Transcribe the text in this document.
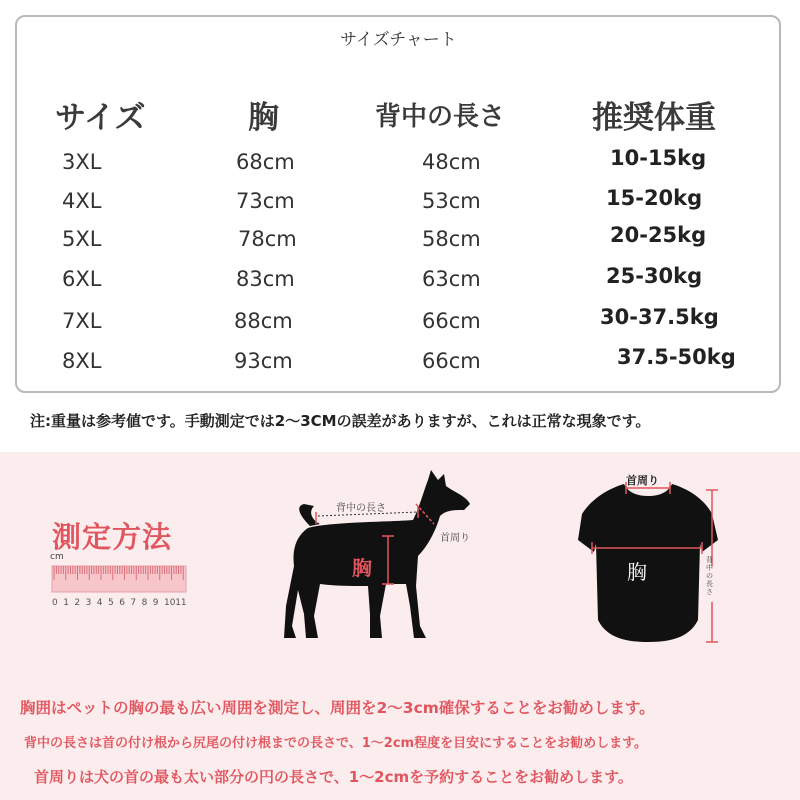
サイズチャート
サイズ	胸	背中の長さ	推奨体重
3XL	68cm	48cm	10-15kg
4XL	73cm	53cm	15-20kg
5XL	78cm	58cm	20-25kg
6XL	83cm	63cm	25-30kg
7XL	88cm	66cm	30-37.5kg
8XL	93cm	66cm	37.5-50kg
注:重量は参考値です。手動測定では2～3CMの誤差がありますが、これは正常な現象です。
測定方法
cm
0 1 2 3 4 5 6 7 8 9 10 11
背中の長さ
首周り
胸
首周り
胸	背中の長さ
胸囲はペットの胸の最も広い周囲を測定し、周囲を2～3cm確保することをお勧めします。
背中の長さは首の付け根から尻尾の付け根までの長さで、1～2cm程度を目安にすることをお勧めします。
首周りは犬の首の最も太い部分の円の長さで、1～2cmを予約することをお勧めします。
